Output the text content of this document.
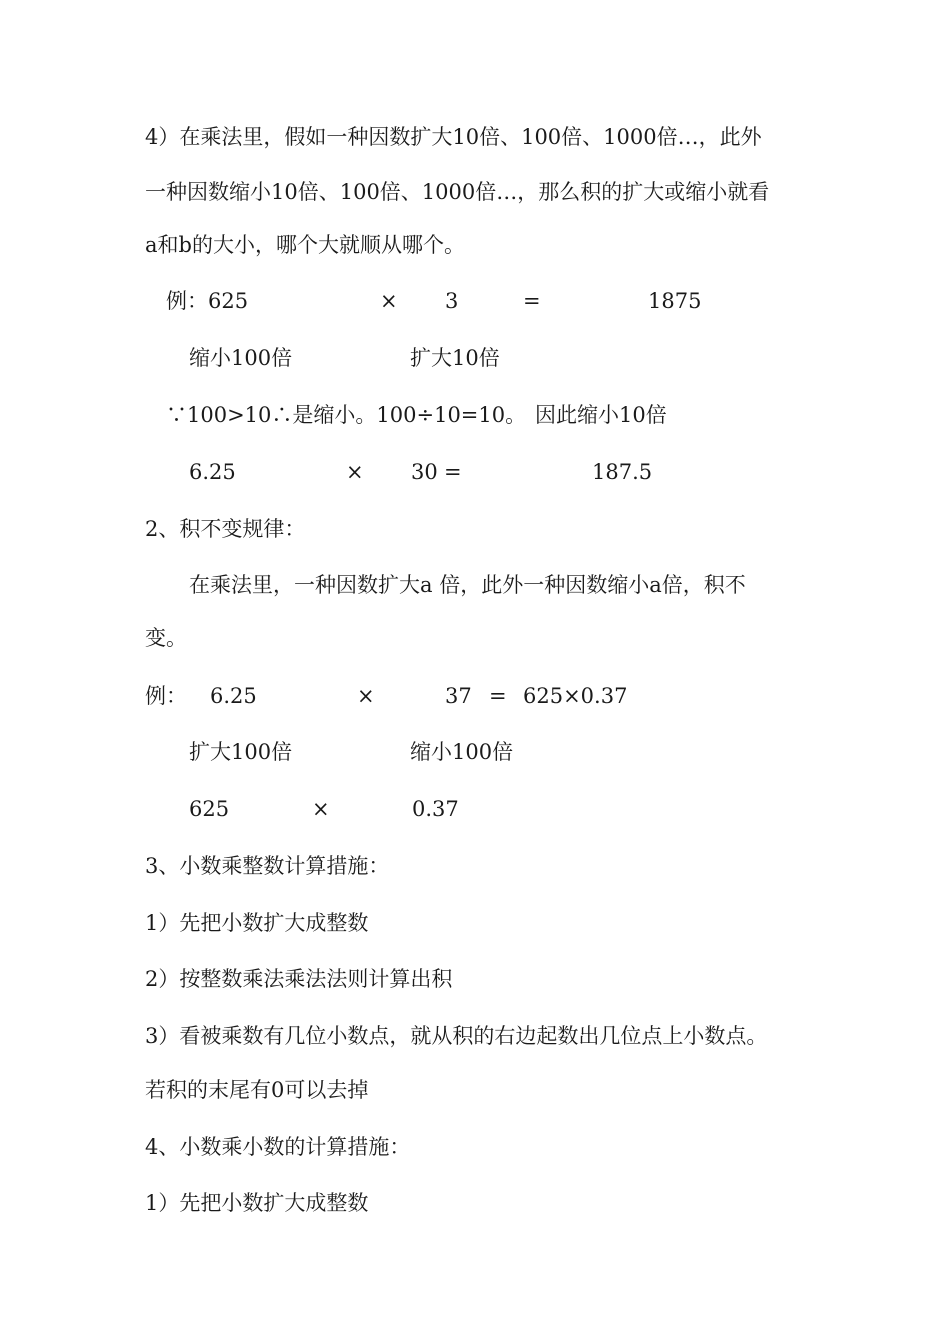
4）在乘法里，假如一种因数扩大10倍、100倍、1000倍…，此外
一种因数缩小10倍、100倍、1000倍…，那么积的扩大或缩小就看
a和b的大小，哪个大就顺从哪个。
例：625	× 3	=	1875
缩小100倍	扩大10倍
∵100>10∴是缩小。100÷10=10。 因此缩小10倍
6.25	× 30 =	187.5
2、积不变规律：
在乘法里，一种因数扩大a 倍，此外一种因数缩小a倍，积不
变。
例： 6.25	×	37 = 625×0.37
扩大100倍	缩小100倍
625	×	0.37
3、小数乘整数计算措施：
1）先把小数扩大成整数
2）按整数乘法乘法法则计算出积
3）看被乘数有几位小数点，就从积的右边起数出几位点上小数点。
若积的末尾有0可以去掉
4、小数乘小数的计算措施：
1）先把小数扩大成整数
